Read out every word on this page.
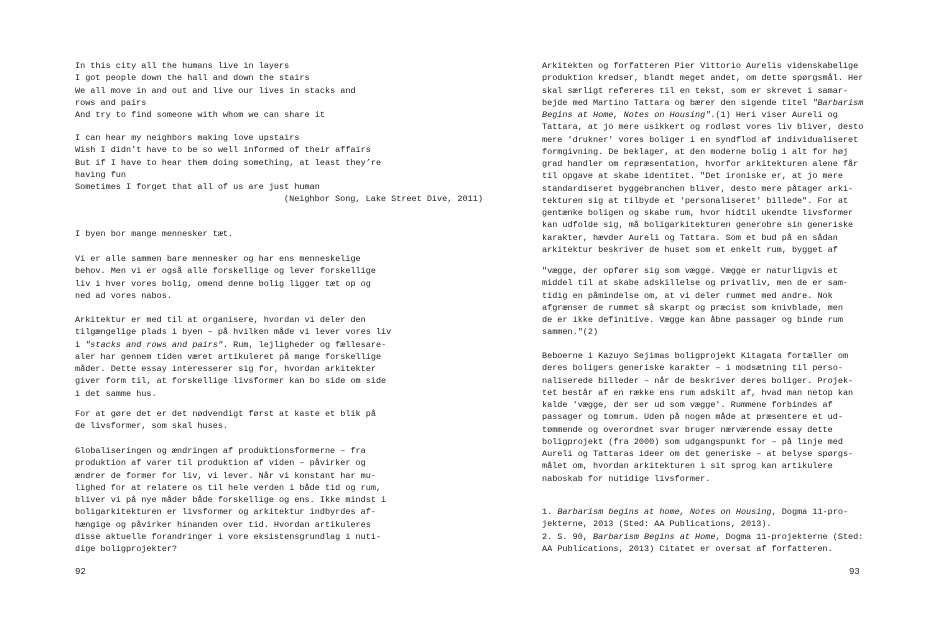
In this city all the humans live in layers
I got people down the hall and down the stairs
We all move in and out and live our lives in stacks and
rows and pairs
And try to find someone with whom we can share it
I can hear my neighbors making love upstairs
Wish I didn’t have to be so well informed of their affairs
But if I have to hear them doing something, at least they’re
having fun
Sometimes I forget that all of us are just human
(Neighbor Song, Lake Street Dive, 2011)
I byen bor mange mennesker tæt.
Vi er alle sammen bare mennesker og har ens menneskelige
behov. Men vi er også alle forskellige og lever forskellige
liv i hver vores bolig, omend denne bolig ligger tæt op og
ned ad vores nabos.
Arkitektur er med til at organisere, hvordan vi deler den
tilgængelige plads i byen – på hvilken måde vi lever vores liv
i "stacks and rows and pairs". Rum, lejligheder og fællesare-
aler har gennem tiden været artikuleret på mange forskellige
måder. Dette essay interesserer sig for, hvordan arkitekter
giver form til, at forskellige livsformer kan bo side om side
i det samme hus.
For at gøre det er det nødvendigt først at kaste et blik på
de livsformer, som skal huses.
Globaliseringen og ændringen af produktionsformerne – fra
produktion af varer til produktion af viden – påvirker og
ændrer de former for liv, vi lever. Når vi konstant har mu-
lighed for at relatere os til hele verden i både tid og rum,
bliver vi på nye måder både forskellige og ens. Ikke mindst i
boligarkitekturen er livsformer og arkitektur indbyrdes af-
hængige og påvirker hinanden over tid. Hvordan artikuleres
disse aktuelle forandringer i vore eksistensgrundlag i nuti-
dige boligprojekter?
92
Arkitekten og forfatteren Pier Vittorio Aurelis videnskabelige
produktion kredser, blandt meget andet, om dette spørgsmål. Her
skal særligt refereres til en tekst, som er skrevet i samar-
bejde med Martino Tattara og bærer den sigende titel "Barbarism
Begins at Home, Notes on Housing".(1) Heri viser Aureli og
Tattara, at jo mere usikkert og rodløst vores liv bliver, desto
mere 'drukner' vores boliger i en syndflod af individualiseret
formgivning. De beklager, at den moderne bolig i alt for høj
grad handler om repræsentation, hvorfor arkitekturen alene får
til opgave at skabe identitet. "Det ironiske er, at jo mere
standardiseret byggebranchen bliver, desto mere påtager arki-
tekturen sig at tilbyde et 'personaliseret' billede". For at
gentænke boligen og skabe rum, hvor hidtil ukendte livsformer
kan udfolde sig, må boligarkitekturen generobre sin generiske
karakter, hævder Aureli og Tattara. Som et bud på en sådan
arkitektur beskriver de huset som et enkelt rum, bygget af
"vægge, der opfører sig som vægge. Vægge er naturligvis et
middel til at skabe adskillelse og privatliv, men de er sam-
tidig en påmindelse om, at vi deler rummet med andre. Nok
afgrænser de rummet så skarpt og præcist som knivblade, men
de er ikke definitive. Vægge kan åbne passager og binde rum
sammen."(2)
Beboerne i Kazuyo Sejimas boligprojekt Kitagata fortæller om
deres boligers generiske karakter – i modsætning til perso-
naliserede billeder – når de beskriver deres boliger. Projek-
tet består af en række ens rum adskilt af, hvad man netop kan
kalde 'vægge, der ser ud som vægge'. Rummene forbindes af
passager og tomrum. Uden på nogen måde at præsentere et ud-
tømmende og overordnet svar bruger nærværende essay dette
boligprojekt (fra 2000) som udgangspunkt for – på linje med
Aureli og Tattaras ideer om det generiske – at belyse spørgs-
målet om, hvordan arkitekturen i sit sprog kan artikulere
naboskab for nutidige livsformer.
1. Barbarism begins at home, Notes on Housing, Dogma 11-pro-
jekterne, 2013 (Sted: AA Publications, 2013).
2. S. 90, Barbarism Begins at Home, Dogma 11-projekterne (Sted:
AA Publications, 2013) Citatet er oversat af forfatteren.
93
